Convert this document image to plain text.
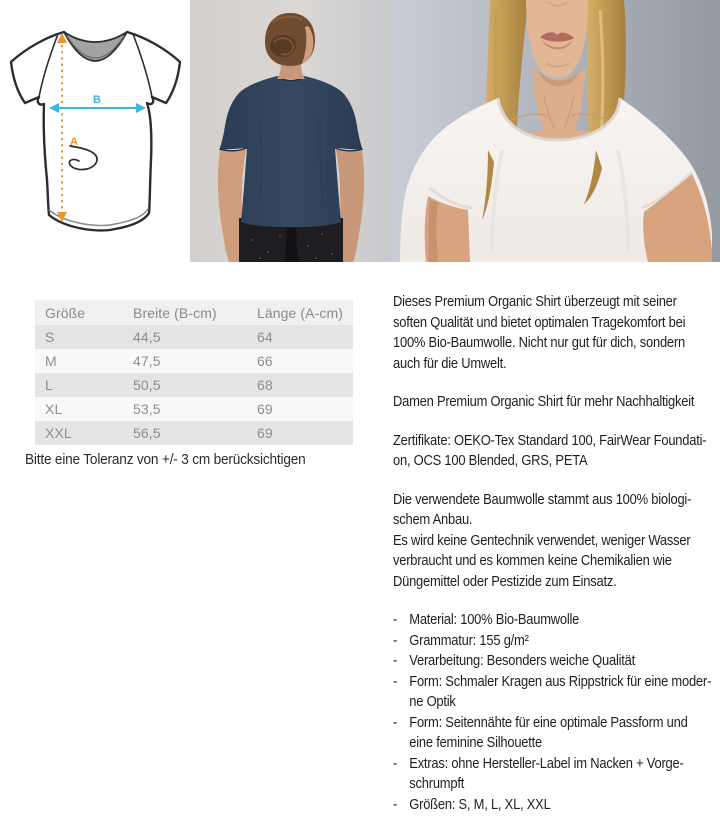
A
B
Größe	Breite (B-cm)	Länge (A-cm)
S	44,5	64
M	47,5	66
L	50,5	68
XL	53,5	69
XXL	56,5	69
Bitte eine Toleranz von +/- 3 cm berücksichtigen
Dieses Premium Organic Shirt überzeugt mit seiner
soften Qualität und bietet optimalen Tragekomfort bei
100% Bio-Baumwolle. Nicht nur gut für dich, sondern
auch für die Umwelt.
Damen Premium Organic Shirt für mehr Nachhaltigkeit
Zertifikate: OEKO-Tex Standard 100, FairWear Foundati-
on, OCS 100 Blended, GRS, PETA
Die verwendete Baumwolle stammt aus 100% biologi-
schem Anbau.
Es wird keine Gentechnik verwendet, weniger Wasser
verbraucht und es kommen keine Chemikalien wie
Düngemittel oder Pestizide zum Einsatz.
- Material: 100% Bio-Baumwolle
- Grammatur: 155 g/m²
- Verarbeitung: Besonders weiche Qualität
- Form: Schmaler Kragen aus Rippstrick für eine moder-
ne Optik
- Form: Seitennähte für eine optimale Passform und
eine feminine Silhouette
- Extras: ohne Hersteller-Label im Nacken + Vorge-
schrumpft
- Größen: S, M, L, XL, XXL
